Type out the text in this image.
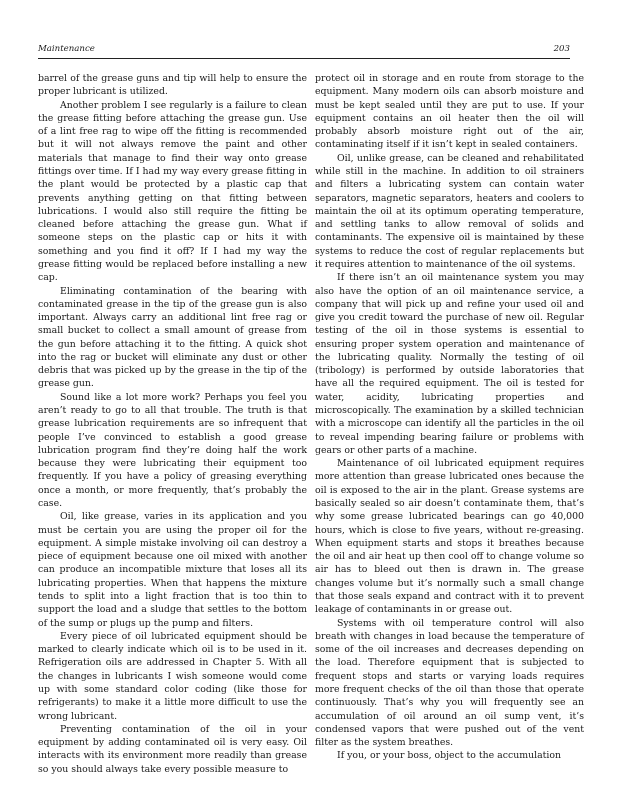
Maintenance	203

barrel of the grease guns and tip will help to ensure the proper lubricant is utilized.

Another problem I see regularly is a failure to clean the grease fitting before attaching the grease gun. Use of a lint free rag to wipe off the fitting is recommended but it will not always remove the paint and other materials that manage to find their way onto grease fittings over time. If I had my way every grease fitting in the plant would be protected by a plastic cap that prevents anything getting on that fitting between lubrications. I would also still require the fitting be cleaned before attaching the grease gun. What if someone steps on the plastic cap or hits it with something and you find it off? If I had my way the grease fitting would be replaced before installing a new cap.

Eliminating contamination of the bearing with contaminated grease in the tip of the grease gun is also important. Always carry an additional lint free rag or small bucket to collect a small amount of grease from the gun before attaching it to the fitting. A quick shot into the rag or bucket will eliminate any dust or other debris that was picked up by the grease in the tip of the grease gun.

Sound like a lot more work? Perhaps you feel you aren’t ready to go to all that trouble. The truth is that grease lubrication requirements are so infrequent that people I’ve convinced to establish a good grease lubrication program find they’re doing half the work because they were lubricating their equipment too frequently. If you have a policy of greasing everything once a month, or more frequently, that’s probably the case.

Oil, like grease, varies in its application and you must be certain you are using the proper oil for the equipment. A simple mistake involving oil can destroy a piece of equipment because one oil mixed with another can produce an incompatible mixture that loses all its lubricating properties. When that happens the mixture tends to split into a light fraction that is too thin to support the load and a sludge that settles to the bottom of the sump or plugs up the pump and filters.

Every piece of oil lubricated equipment should be marked to clearly indicate which oil is to be used in it. Refrigeration oils are addressed in Chapter 5. With all the changes in lubricants I wish someone would come up with some standard color coding (like those for refrigerants) to make it a little more difficult to use the wrong lubricant.

Preventing contamination of the oil in your equipment by adding contaminated oil is very easy. Oil interacts with its environment more readily than grease so you should always take every possible measure to

protect oil in storage and en route from storage to the equipment. Many modern oils can absorb moisture and must be kept sealed until they are put to use. If your equipment contains an oil heater then the oil will probably absorb moisture right out of the air, contaminating itself if it isn’t kept in sealed containers.

Oil, unlike grease, can be cleaned and rehabilitated while still in the machine. In addition to oil strainers and filters a lubricating system can contain water separators, magnetic separators, heaters and coolers to maintain the oil at its optimum operating temperature, and settling tanks to allow removal of solids and contaminants. The expensive oil is maintained by these systems to reduce the cost of regular replacements but it requires attention to maintenance of the oil systems.

If there isn’t an oil maintenance system you may also have the option of an oil maintenance service, a company that will pick up and refine your used oil and give you credit toward the purchase of new oil. Regular testing of the oil in those systems is essential to ensuring proper system operation and maintenance of the lubricating quality. Normally the testing of oil (tribology) is performed by outside laboratories that have all the required equipment. The oil is tested for water, acidity, lubricating properties and microscopically. The examination by a skilled technician with a microscope can identify all the particles in the oil to reveal impending bearing failure or problems with gears or other parts of a machine.

Maintenance of oil lubricated equipment requires more attention than grease lubricated ones because the oil is exposed to the air in the plant. Grease systems are basically sealed so air doesn’t contaminate them, that’s why some grease lubricated bearings can go 40,000 hours, which is close to five years, without re-greasing. When equipment starts and stops it breathes because the oil and air heat up then cool off to change volume so air has to bleed out then is drawn in. The grease changes volume but it’s normally such a small change that those seals expand and contract with it to prevent leakage of contaminants in or grease out.

Systems with oil temperature control will also breath with changes in load because the temperature of some of the oil increases and decreases depending on the load. Therefore equipment that is subjected to frequent stops and starts or varying loads requires more frequent checks of the oil than those that operate continuously. That’s why you will frequently see an accumulation of oil around an oil sump vent, it’s condensed vapors that were pushed out of the vent filter as the system breathes.

If you, or your boss, object to the accumulation
